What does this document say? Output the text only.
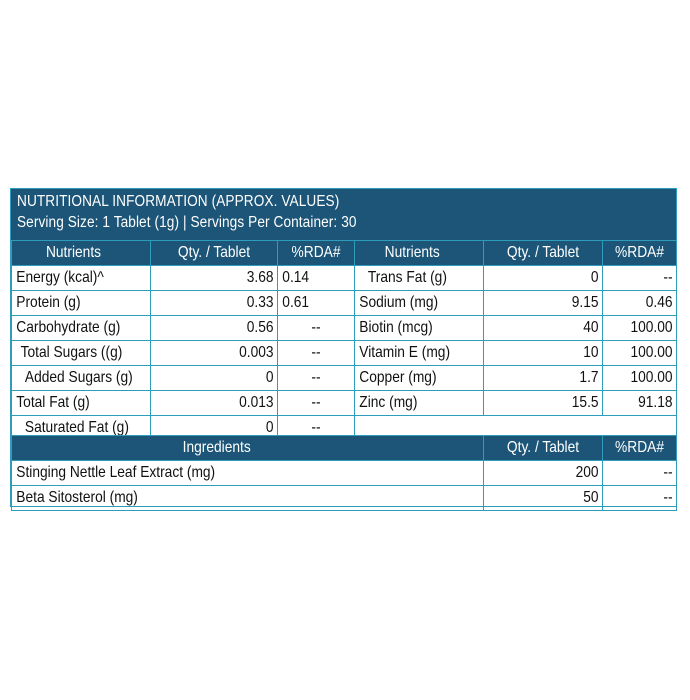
NUTRITIONAL INFORMATION (APPROX. VALUES)
Serving Size: 1 Tablet (1g) | Servings Per Container: 30
Nutrients	Qty. / Tablet	%RDA#	Nutrients	Qty. / Tablet	%RDA#

Energy (kcal)^	3.68	0.14	Trans Fat (g)	0	--

Protein (g)	0.33	0.61	Sodium (mg)	9.15	0.46

Carbohydrate (g)	0.56	--	Biotin (mcg)	40	100.00

Total Sugars ((g)	0.003	--	Vitamin E (mg)	10	100.00

Added Sugars (g)	0	--	Copper (mg)	1.7	100.00

Total Fat (g)	0.013	--	Zinc (mg)	15.5	91.18

Saturated Fat (g)	0	--			

Ingredients	Qty. / Tablet	%RDA#

Stinging Nettle Leaf Extract (mg)	200	--

Beta Sitosterol (mg)	50	--
